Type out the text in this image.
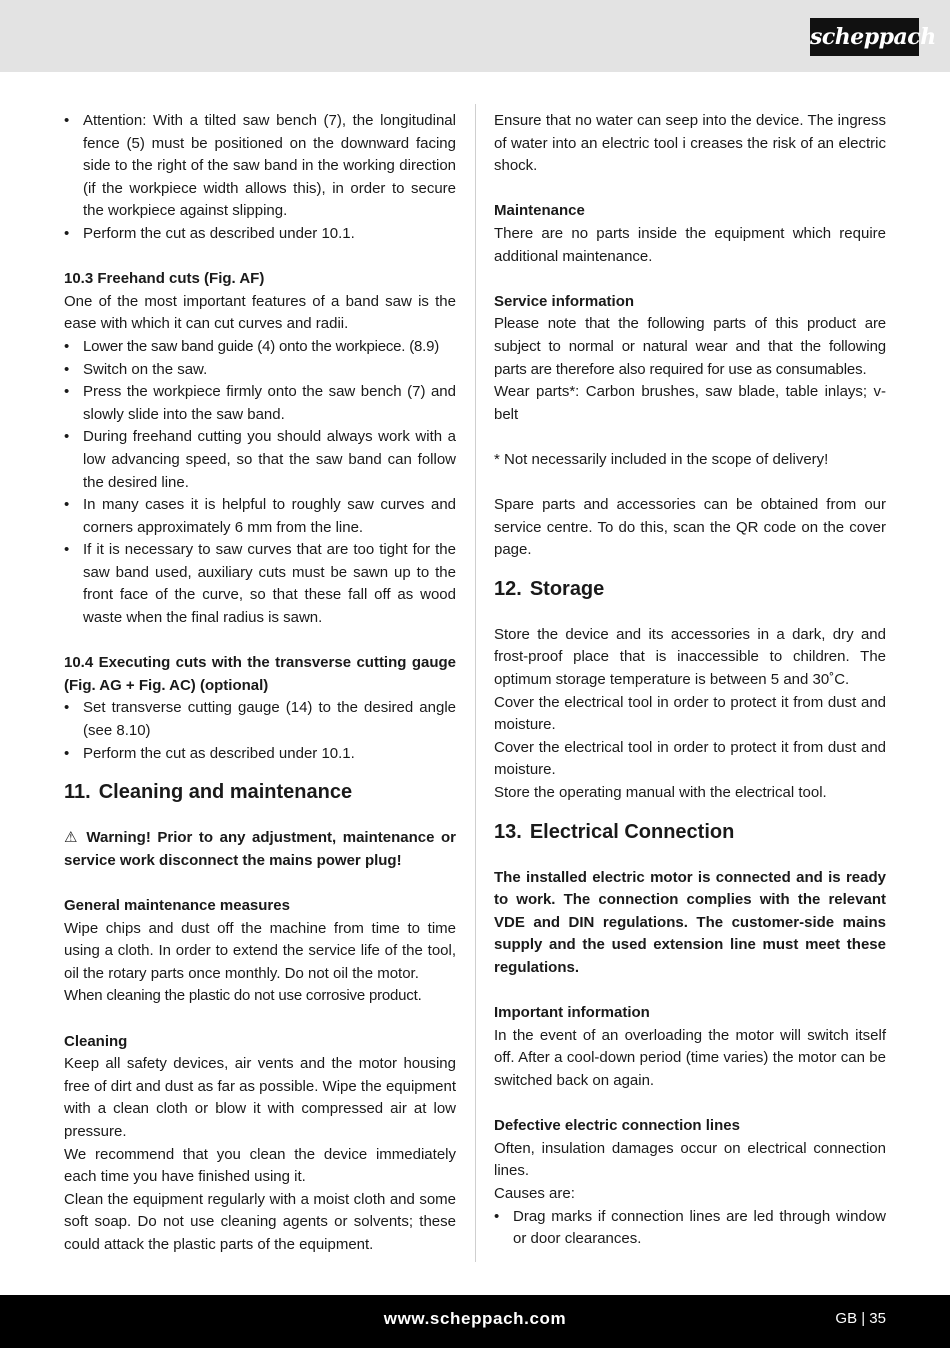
scheppach

• Attention: With a tilted saw bench (7), the longitudinal fence (5) must be positioned on the downward facing side to the right of the saw band in the working direction (if the workpiece width allows this), in order to secure the workpiece against slipping.

• Perform the cut as described under 10.1.

10.3 Freehand cuts (Fig. AF)

One of the most important features of a band saw is the ease with which it can cut curves and radii.

• Lower the saw band guide (4) onto the workpiece. (8.9)

• Switch on the saw.

• Press the workpiece firmly onto the saw bench (7) and slowly slide into the saw band.

• During freehand cutting you should always work with a low advancing speed, so that the saw band can follow the desired line.

• In many cases it is helpful to roughly saw curves and corners approximately 6 mm from the line.

• If it is necessary to saw curves that are too tight for the saw band used, auxiliary cuts must be sawn up to the front face of the curve, so that these fall off as wood waste when the final radius is sawn.

10.4 Executing cuts with the transverse cutting gauge (Fig. AG + Fig. AC) (optional)

• Set transverse cutting gauge (14) to the desired angle (see 8.10)

• Perform the cut as described under 10.1.

11. Cleaning and maintenance

⚠ Warning! Prior to any adjustment, maintenance or service work disconnect the mains power plug!

General maintenance measures

Wipe chips and dust off the machine from time to time using a cloth. In order to extend the service life of the tool, oil the rotary parts once monthly. Do not oil the motor.

When cleaning the plastic do not use corrosive product.

Cleaning

Keep all safety devices, air vents and the motor housing free of dirt and dust as far as possible. Wipe the equipment with a clean cloth or blow it with compressed air at low pressure.

We recommend that you clean the device immediately each time you have finished using it.

Clean the equipment regularly with a moist cloth and some soft soap. Do not use cleaning agents or solvents; these could attack the plastic parts of the equipment.

Ensure that no water can seep into the device. The ingress of water into an electric tool i creases the risk of an electric shock.

Maintenance

There are no parts inside the equipment which require additional maintenance.

Service information

Please note that the following parts of this product are subject to normal or natural wear and that the following parts are therefore also required for use as consumables.

Wear parts*: Carbon brushes, saw blade, table inlays; v-belt

* Not necessarily included in the scope of delivery!

Spare parts and accessories can be obtained from our service centre. To do this, scan the QR code on the cover page.

12. Storage

Store the device and its accessories in a dark, dry and frost-proof place that is inaccessible to children. The optimum storage temperature is between 5 and 30˚C.

Cover the electrical tool in order to protect it from dust and moisture.

Cover the electrical tool in order to protect it from dust and moisture.

Store the operating manual with the electrical tool.

13. Electrical Connection

The installed electric motor is connected and is ready to work. The connection complies with the relevant VDE and DIN regulations. The customer-side mains supply and the used extension line must meet these regulations.

Important information

In the event of an overloading the motor will switch itself off. After a cool-down period (time varies) the motor can be switched back on again.

Defective electric connection lines

Often, insulation damages occur on electrical connection lines.

Causes are:

• Drag marks if connection lines are led through window or door clearances.

www.scheppach.com	GB | 35
